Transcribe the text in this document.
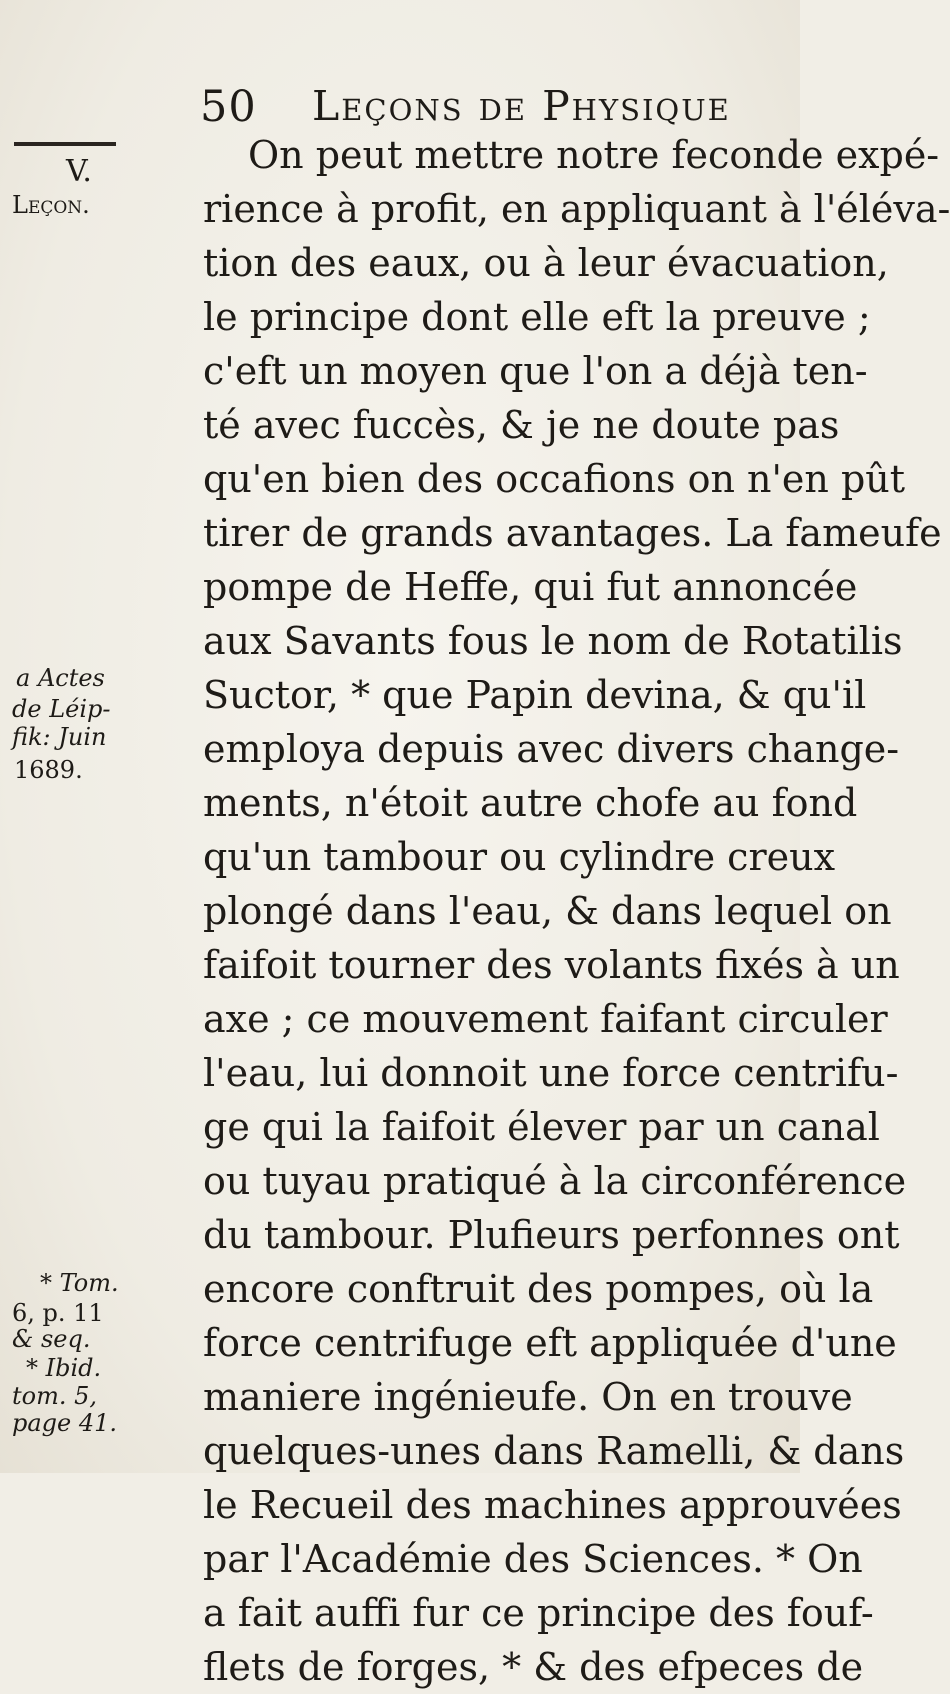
50 Leçons de Physique
V.
Leçon.
a Actes
de Léip-
fik: Juin
1689.
* Tom.
6, p. 11
& seq.
* Ibid.
tom. 5,
page 41.
On peut mettre notre feconde expé-
rience à profit, en appliquant à l'éléva-
tion des eaux, ou à leur évacuation,
le principe dont elle eft la preuve ;
c'eft un moyen que l'on a déjà ten-
té avec fuccès, & je ne doute pas
qu'en bien des occafions on n'en pût
tirer de grands avantages. La fameufe
pompe de Heffe, qui fut annoncée
aux Savants fous le nom de Rotatilis
Suctor, * que Papin devina, & qu'il
employa depuis avec divers change-
ments, n'étoit autre chofe au fond
qu'un tambour ou cylindre creux
plongé dans l'eau, & dans lequel on
faifoit tourner des volants fixés à un
axe ; ce mouvement faifant circuler
l'eau, lui donnoit une force centrifu-
ge qui la faifoit élever par un canal
ou tuyau pratiqué à la circonférence
du tambour. Plufieurs perfonnes ont
encore conftruit des pompes, où la
force centrifuge eft appliquée d'une
maniere ingénieufe. On en trouve
quelques-unes dans Ramelli, & dans
le Recueil des machines approuvées
par l'Académie des Sciences. * On
a fait auffi fur ce principe des fouf-
flets de forges, * & des efpeces de
